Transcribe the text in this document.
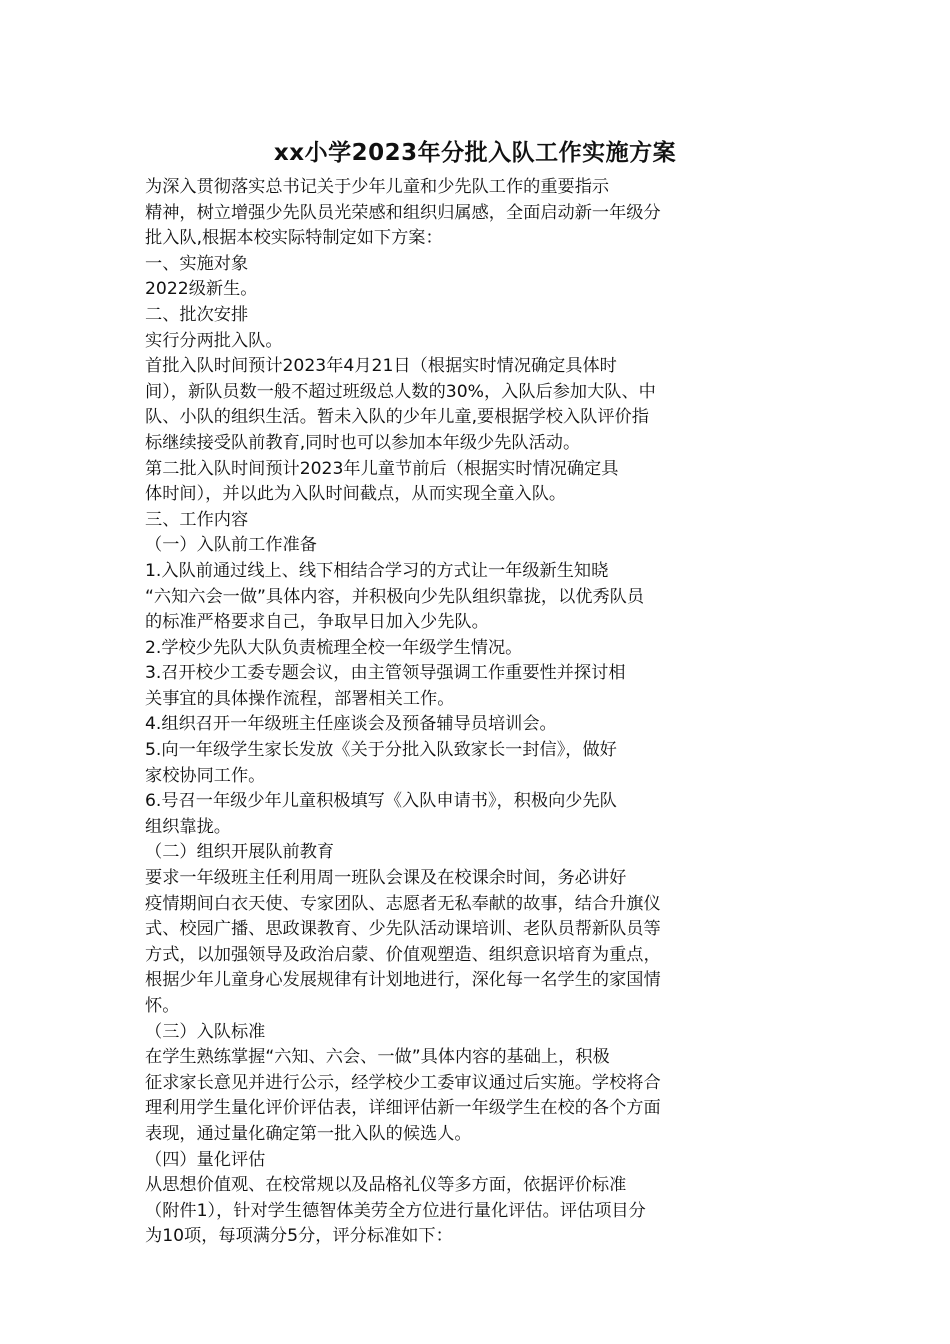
xx小学2023年分批入队工作实施方案
为深入贯彻落实总书记关于少年儿童和少先队工作的重要指示
精神，树立增强少先队员光荣感和组织归属感，全面启动新一年级分
批入队,根据本校实际特制定如下方案：
一、实施对象
2022级新生。
二、批次安排
实行分两批入队。
首批入队时间预计2023年4月21日（根据实时情况确定具体时
间），新队员数一般不超过班级总人数的30%，入队后参加大队、中
队、小队的组织生活。暂未入队的少年儿童,要根据学校入队评价指
标继续接受队前教育,同时也可以参加本年级少先队活动。
第二批入队时间预计2023年儿童节前后（根据实时情况确定具
体时间），并以此为入队时间截点，从而实现全童入队。
三、工作内容
（一）入队前工作准备
1.入队前通过线上、线下相结合学习的方式让一年级新生知晓
“六知六会一做”具体内容，并积极向少先队组织靠拢，以优秀队员
的标准严格要求自己，争取早日加入少先队。
2.学校少先队大队负责梳理全校一年级学生情况。
3.召开校少工委专题会议，由主管领导强调工作重要性并探讨相
关事宜的具体操作流程，部署相关工作。
4.组织召开一年级班主任座谈会及预备辅导员培训会。
5.向一年级学生家长发放《关于分批入队致家长一封信》，做好
家校协同工作。
6.号召一年级少年儿童积极填写《入队申请书》，积极向少先队
组织靠拢。
（二）组织开展队前教育
要求一年级班主任利用周一班队会课及在校课余时间，务必讲好
疫情期间白衣天使、专家团队、志愿者无私奉献的故事，结合升旗仪
式、校园广播、思政课教育、少先队活动课培训、老队员帮新队员等
方式，以加强领导及政治启蒙、价值观塑造、组织意识培育为重点，
根据少年儿童身心发展规律有计划地进行，深化每一名学生的家国情
怀。
（三）入队标准
在学生熟练掌握“六知、六会、一做”具体内容的基础上，积极
征求家长意见并进行公示，经学校少工委审议通过后实施。学校将合
理利用学生量化评价评估表，详细评估新一年级学生在校的各个方面
表现，通过量化确定第一批入队的候选人。
（四）量化评估
从思想价值观、在校常规以及品格礼仪等多方面，依据评价标准
（附件1），针对学生德智体美劳全方位进行量化评估。评估项目分
为10项，每项满分5分，评分标准如下：
